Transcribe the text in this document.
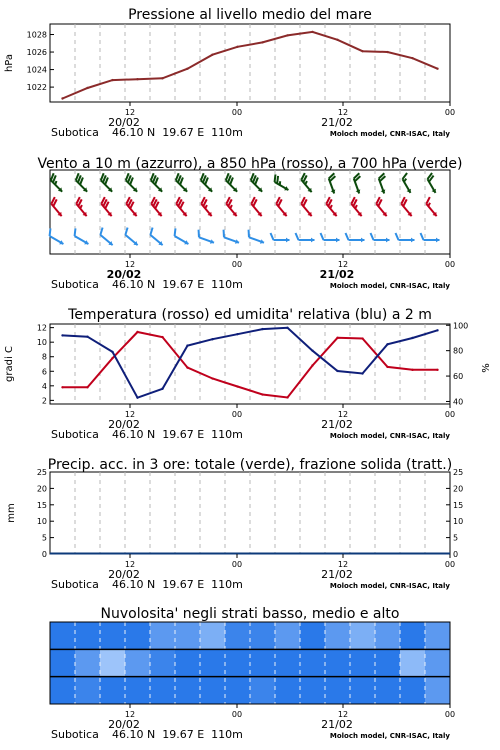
Pressione al livello medio del mare
1022
1024
1026
1028
hPa
12	00	12	00
20/02	21/02
Subotica 46.10 N  19.67 E  110m	Moloch model, CNR-ISAC, Italy
Vento a 10 m (azzurro), a 850 hPa (rosso), a 700 hPa (verde)
12	00	12	00
20/02	21/02
Subotica 46.10 N  19.67 E  110m	Moloch model, CNR-ISAC, Italy
Temperatura (rosso) ed umidita' relativa (blu) a 2 m
2
4
6
8
10
12
gradi C
40
60
80
100
%
12	00	12	00
20/02	21/02
Subotica 46.10 N  19.67 E  110m	Moloch model, CNR-ISAC, Italy
Precip. acc. in 3 ore: totale (verde), frazione solida (tratt.)
0
5
10
15
20
25
mm
0
5
10
15
20
25
12	00	12	00
20/02	21/02
Subotica 46.10 N  19.67 E  110m	Moloch model, CNR-ISAC, Italy
Nuvolosita' negli strati basso, medio e alto
12	00	12	00
20/02	21/02
Subotica 46.10 N  19.67 E  110m	Moloch model, CNR-ISAC, Italy
